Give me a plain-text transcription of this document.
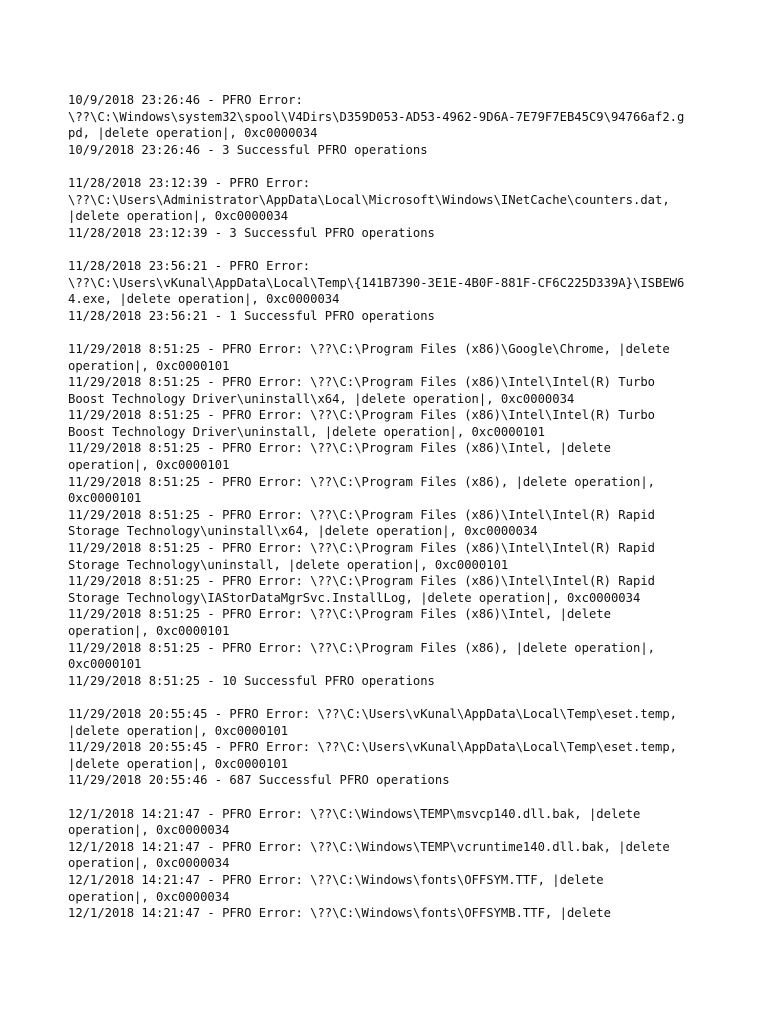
10/9/2018 23:26:46 - PFRO Error:
\??\C:\Windows\system32\spool\V4Dirs\D359D053-AD53-4962-9D6A-7E79F7EB45C9\94766af2.g
pd, |delete operation|, 0xc0000034
10/9/2018 23:26:46 - 3 Successful PFRO operations
11/28/2018 23:12:39 - PFRO Error:
\??\C:\Users\Administrator\AppData\Local\Microsoft\Windows\INetCache\counters.dat,
|delete operation|, 0xc0000034
11/28/2018 23:12:39 - 3 Successful PFRO operations
11/28/2018 23:56:21 - PFRO Error:
\??\C:\Users\vKunal\AppData\Local\Temp\{141B7390-3E1E-4B0F-881F-CF6C225D339A}\ISBEW6
4.exe, |delete operation|, 0xc0000034
11/28/2018 23:56:21 - 1 Successful PFRO operations
11/29/2018 8:51:25 - PFRO Error: \??\C:\Program Files (x86)\Google\Chrome, |delete
operation|, 0xc0000101
11/29/2018 8:51:25 - PFRO Error: \??\C:\Program Files (x86)\Intel\Intel(R) Turbo
Boost Technology Driver\uninstall\x64, |delete operation|, 0xc0000034
11/29/2018 8:51:25 - PFRO Error: \??\C:\Program Files (x86)\Intel\Intel(R) Turbo
Boost Technology Driver\uninstall, |delete operation|, 0xc0000101
11/29/2018 8:51:25 - PFRO Error: \??\C:\Program Files (x86)\Intel, |delete
operation|, 0xc0000101
11/29/2018 8:51:25 - PFRO Error: \??\C:\Program Files (x86), |delete operation|,
0xc0000101
11/29/2018 8:51:25 - PFRO Error: \??\C:\Program Files (x86)\Intel\Intel(R) Rapid
Storage Technology\uninstall\x64, |delete operation|, 0xc0000034
11/29/2018 8:51:25 - PFRO Error: \??\C:\Program Files (x86)\Intel\Intel(R) Rapid
Storage Technology\uninstall, |delete operation|, 0xc0000101
11/29/2018 8:51:25 - PFRO Error: \??\C:\Program Files (x86)\Intel\Intel(R) Rapid
Storage Technology\IAStorDataMgrSvc.InstallLog, |delete operation|, 0xc0000034
11/29/2018 8:51:25 - PFRO Error: \??\C:\Program Files (x86)\Intel, |delete
operation|, 0xc0000101
11/29/2018 8:51:25 - PFRO Error: \??\C:\Program Files (x86), |delete operation|,
0xc0000101
11/29/2018 8:51:25 - 10 Successful PFRO operations
11/29/2018 20:55:45 - PFRO Error: \??\C:\Users\vKunal\AppData\Local\Temp\eset.temp,
|delete operation|, 0xc0000101
11/29/2018 20:55:45 - PFRO Error: \??\C:\Users\vKunal\AppData\Local\Temp\eset.temp,
|delete operation|, 0xc0000101
11/29/2018 20:55:46 - 687 Successful PFRO operations
12/1/2018 14:21:47 - PFRO Error: \??\C:\Windows\TEMP\msvcp140.dll.bak, |delete
operation|, 0xc0000034
12/1/2018 14:21:47 - PFRO Error: \??\C:\Windows\TEMP\vcruntime140.dll.bak, |delete
operation|, 0xc0000034
12/1/2018 14:21:47 - PFRO Error: \??\C:\Windows\fonts\OFFSYM.TTF, |delete
operation|, 0xc0000034
12/1/2018 14:21:47 - PFRO Error: \??\C:\Windows\fonts\OFFSYMB.TTF, |delete
